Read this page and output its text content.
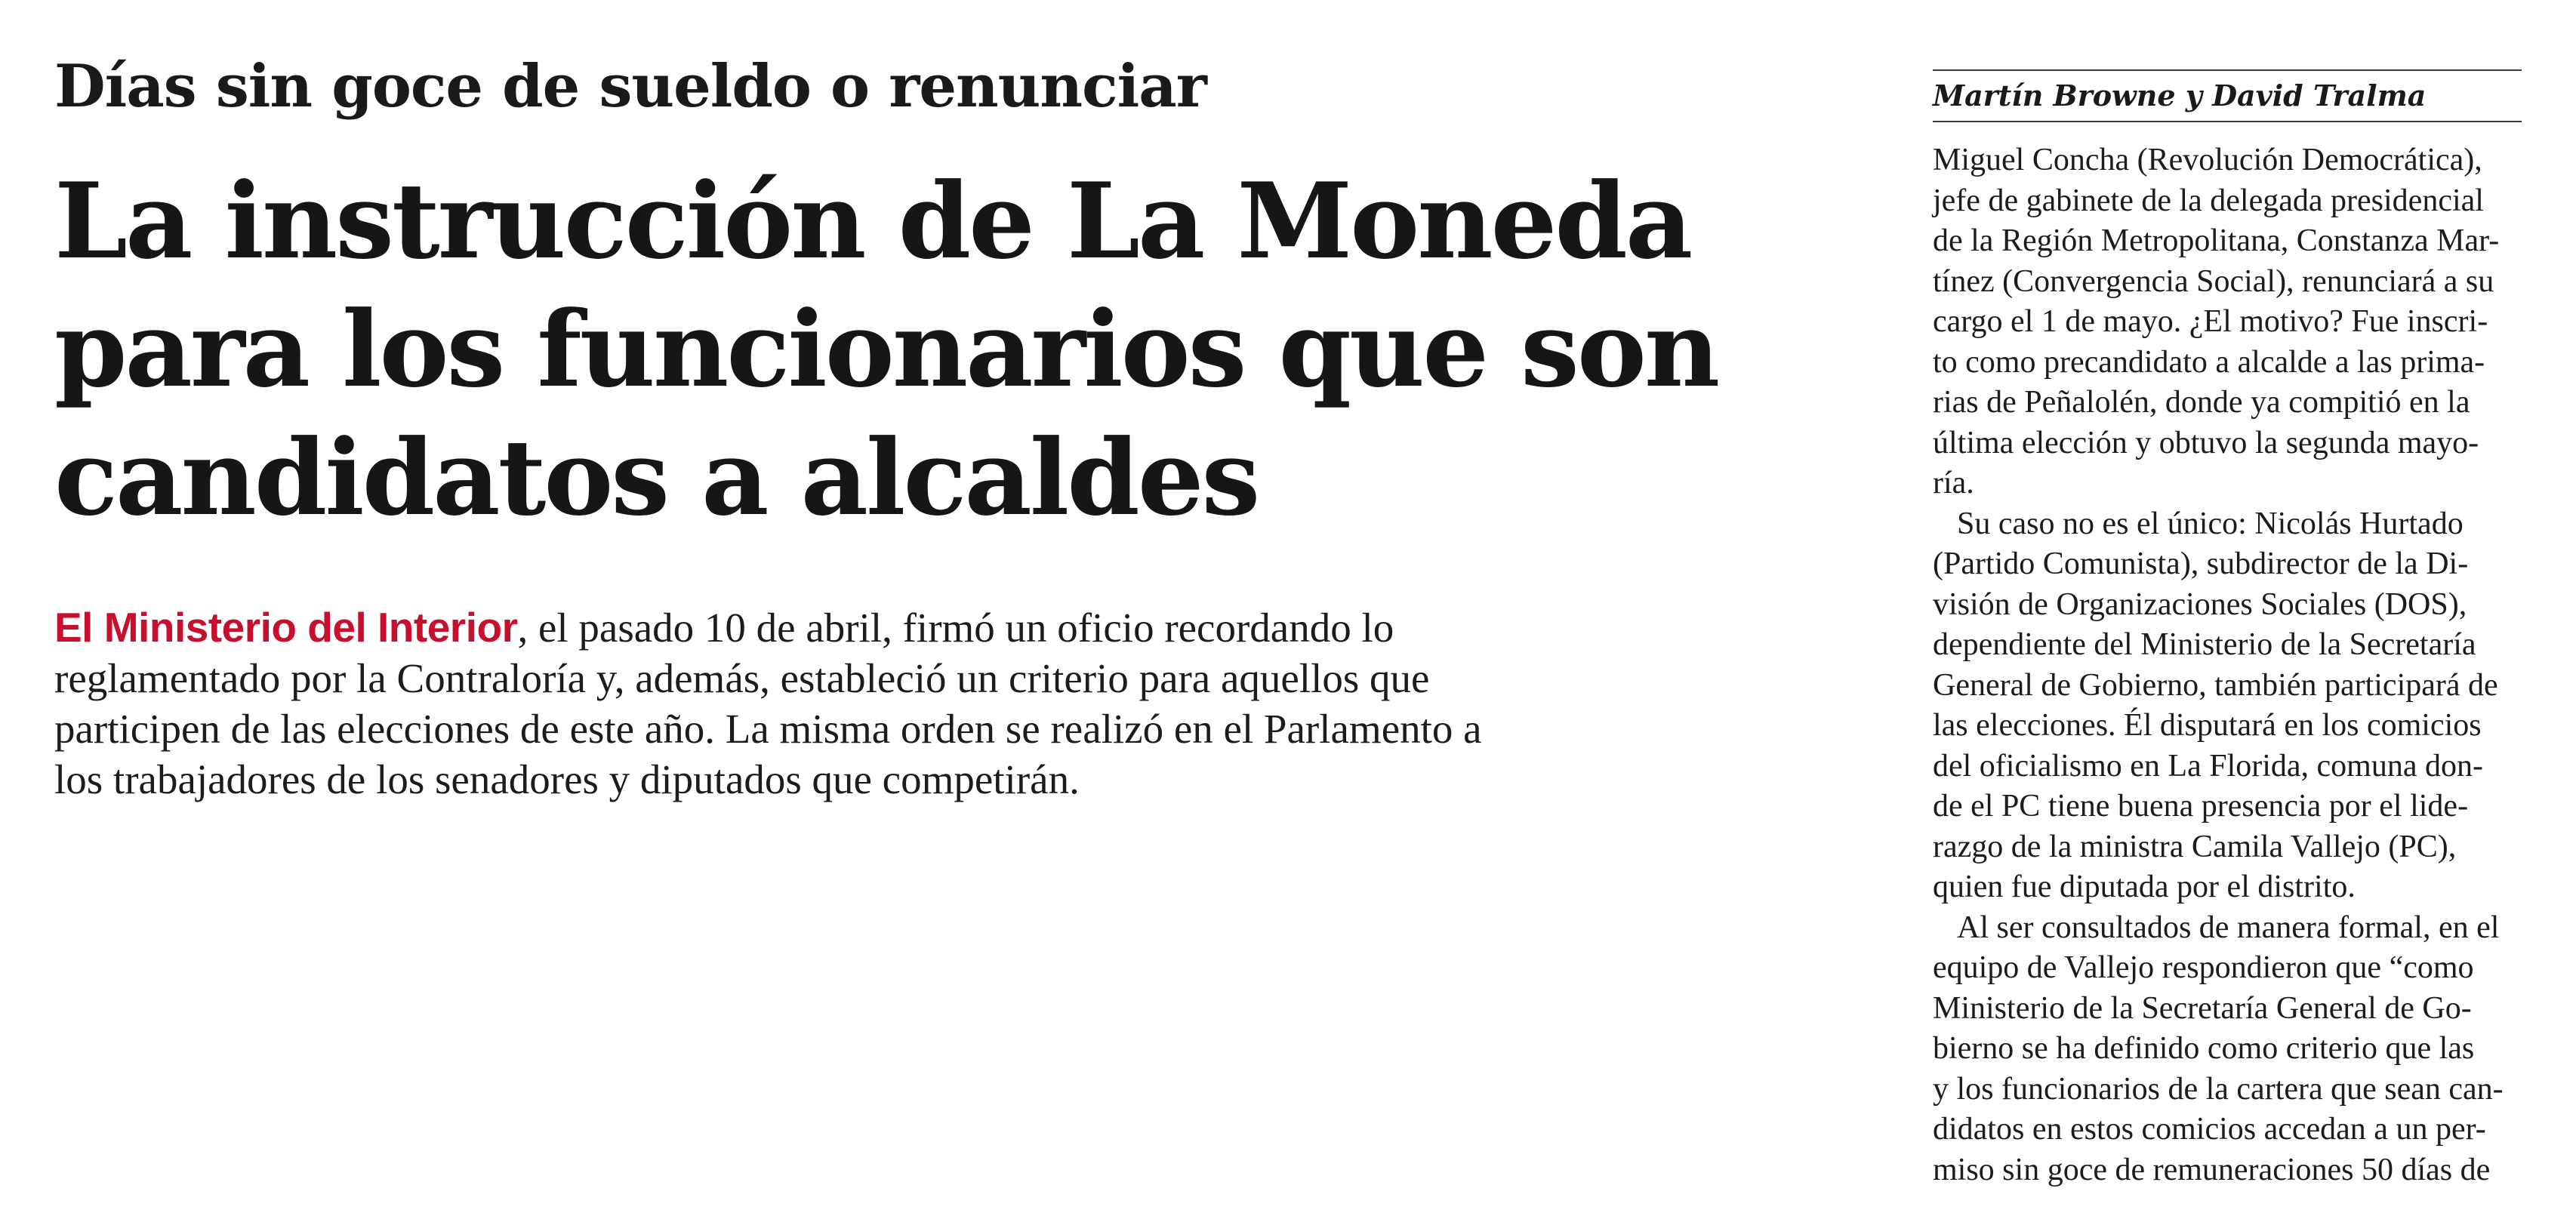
Días sin goce de sueldo o renunciar
La instrucción de La Moneda
para los funcionarios que son
candidatos a alcaldes

El Ministerio del Interior, el pasado 10 de abril, firmó un oficio recordando lo
reglamentado por la Contraloría y, además, estableció un criterio para aquellos que
participen de las elecciones de este año. La misma orden se realizó en el Parlamento a
los trabajadores de los senadores y diputados que competirán.

Martín Browne y David Tralma

Miguel Concha (Revolución Democrática),
jefe de gabinete de la delegada presidencial
de la Región Metropolitana, Constanza Mar-
tínez (Convergencia Social), renunciará a su
cargo el 1 de mayo. ¿El motivo? Fue inscri-
to como precandidato a alcalde a las prima-
rias de Peñalolén, donde ya compitió en la
última elección y obtuvo la segunda mayo-
ría.
Su caso no es el único: Nicolás Hurtado
(Partido Comunista), subdirector de la Di-
visión de Organizaciones Sociales (DOS),
dependiente del Ministerio de la Secretaría
General de Gobierno, también participará de
las elecciones. Él disputará en los comicios
del oficialismo en La Florida, comuna don-
de el PC tiene buena presencia por el lide-
razgo de la ministra Camila Vallejo (PC),
quien fue diputada por el distrito.
Al ser consultados de manera formal, en el
equipo de Vallejo respondieron que “como
Ministerio de la Secretaría General de Go-
bierno se ha definido como criterio que las
y los funcionarios de la cartera que sean can-
didatos en estos comicios accedan a un per-
miso sin goce de remuneraciones 50 días de
